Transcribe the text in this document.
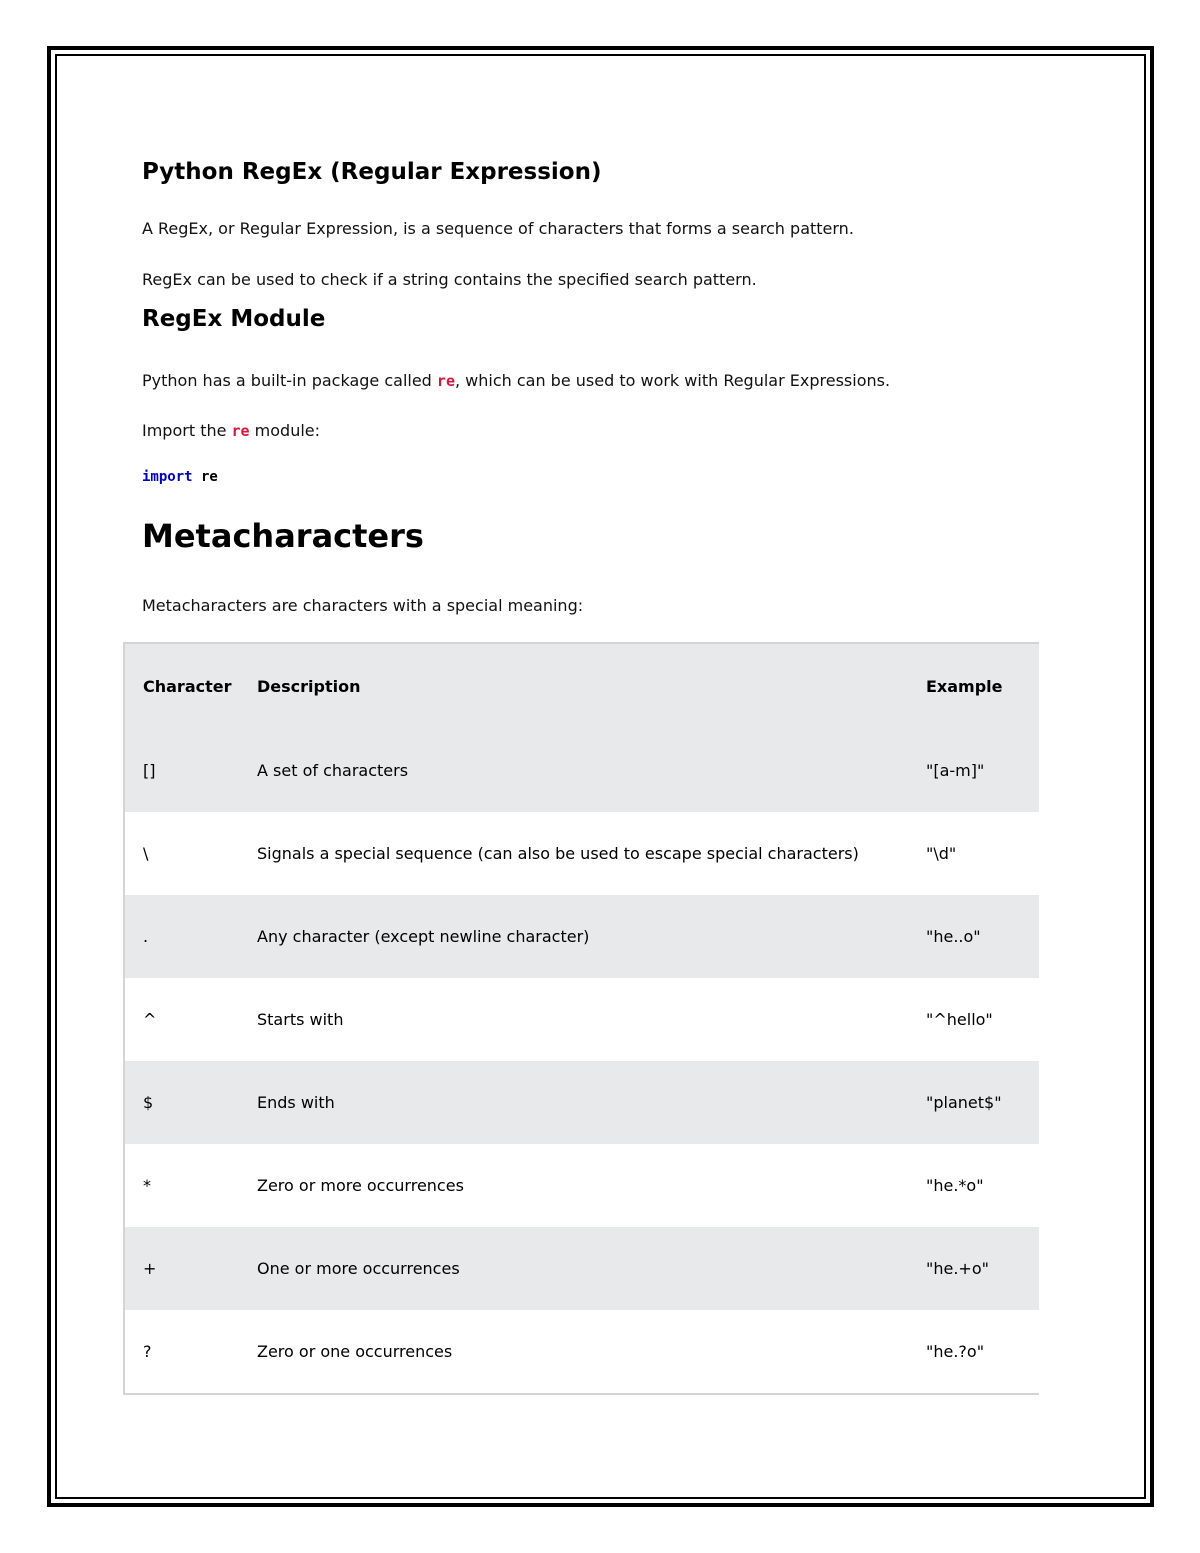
Python RegEx (Regular Expression)

A RegEx, or Regular Expression, is a sequence of characters that forms a search pattern.

RegEx can be used to check if a string contains the specified search pattern.

RegEx Module

Python has a built-in package called re, which can be used to work with Regular Expressions.

Import the re module:

import re
Metacharacters

Metacharacters are characters with a special meaning:

Character	Description	Example
[]	A set of characters	"[a-m]"
\	Signals a special sequence (can also be used to escape special characters)	"\d"
.	Any character (except newline character)	"he..o"
^	Starts with	"^hello"
$	Ends with	"planet$"
*	Zero or more occurrences	"he.*o"
+	One or more occurrences	"he.+o"
?	Zero or one occurrences	"he.?o"
